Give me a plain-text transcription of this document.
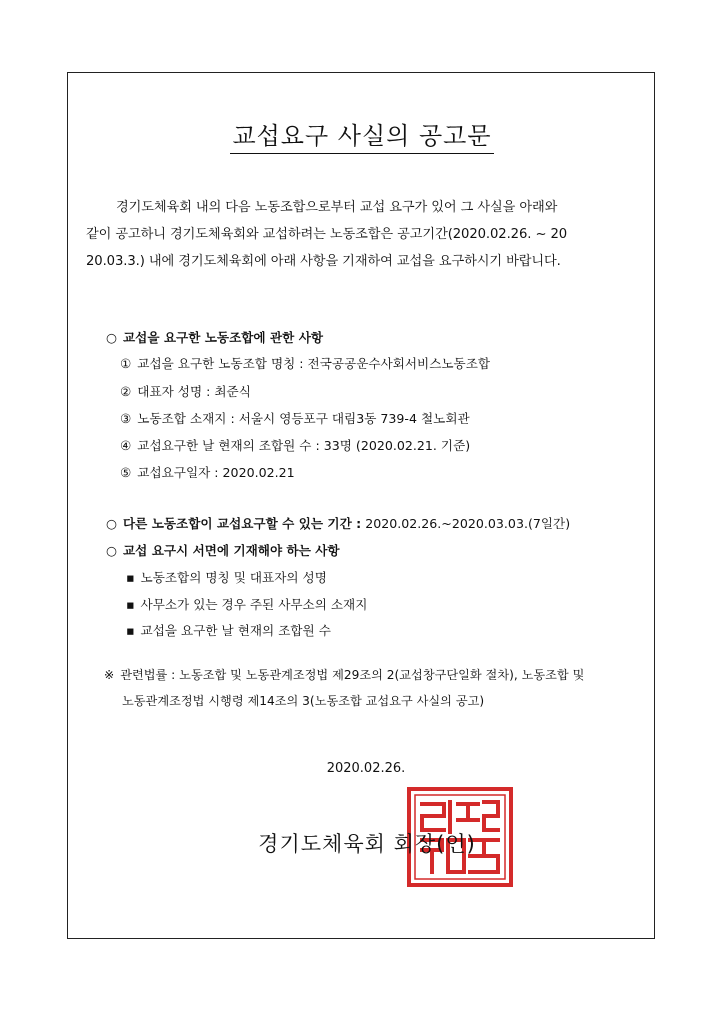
교섭요구 사실의 공고문
경기도체육회 내의 다음 노동조합으로부터 교섭 요구가 있어 그 사실을 아래와
같이 공고하니 경기도체육회와 교섭하려는 노동조합은 공고기간(2020.02.26. ~ 20
20.03.3.) 내에 경기도체육회에 아래 사항을 기재하여 교섭을 요구하시기 바랍니다.
○ 교섭을 요구한 노동조합에 관한 사항
① 교섭을 요구한 노동조합 명칭 : 전국공공운수사회서비스노동조합
② 대표자 성명 : 최준식
③ 노동조합 소재지 : 서울시 영등포구 대림3동 739-4 철노회관
④ 교섭요구한 날 현재의 조합원 수 : 33명 (2020.02.21. 기준)
⑤ 교섭요구일자 : 2020.02.21
○ 다른 노동조합이 교섭요구할 수 있는 기간 : 2020.02.26.~2020.03.03.(7일간)
○ 교섭 요구시 서면에 기재해야 하는 사항
▪ 노동조합의 명칭 및 대표자의 성명
▪ 사무소가 있는 경우 주된 사무소의 소재지
▪ 교섭을 요구한 날 현재의 조합원 수
※ 관련법률 : 노동조합 및 노동관계조정법 제29조의 2(교섭창구단일화 절차), 노동조합 및
노동관계조정법 시행령 제14조의 3(노동조합 교섭요구 사실의 공고)
2020.02.26.
경기도체육회 회장(인)
